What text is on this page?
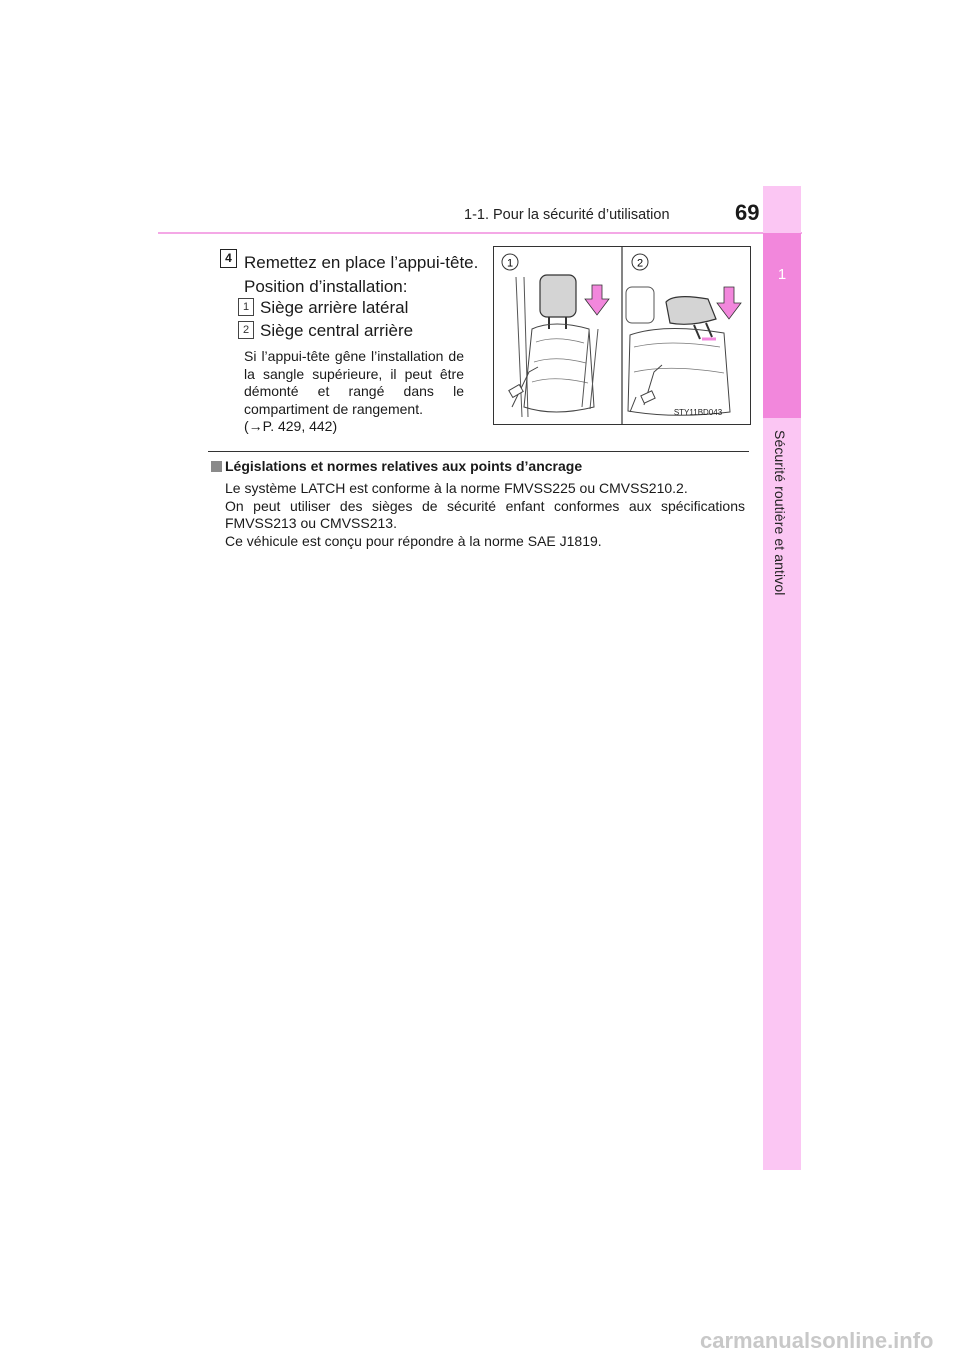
1-1. Pour la sécurité d’utilisation	69
1
Sécurité routière et antivol
4 Remettez en place l’appui-tête.
Position d’installation:
1 Siège arrière latéral
2 Siège central arrière
Si l’appui-tête gêne l’installation de la sangle supérieure, il peut être démonté et rangé dans le compartiment de rangement.
(→P. 429, 442)
1	2
STY11BD043
Législations et normes relatives aux points d’ancrage
Le système LATCH est conforme à la norme FMVSS225 ou CMVSS210.2.
On peut utiliser des sièges de sécurité enfant conformes aux spécifications FMVSS213 ou CMVSS213.
Ce véhicule est conçu pour répondre à la norme SAE J1819.
carmanualsonline.info
